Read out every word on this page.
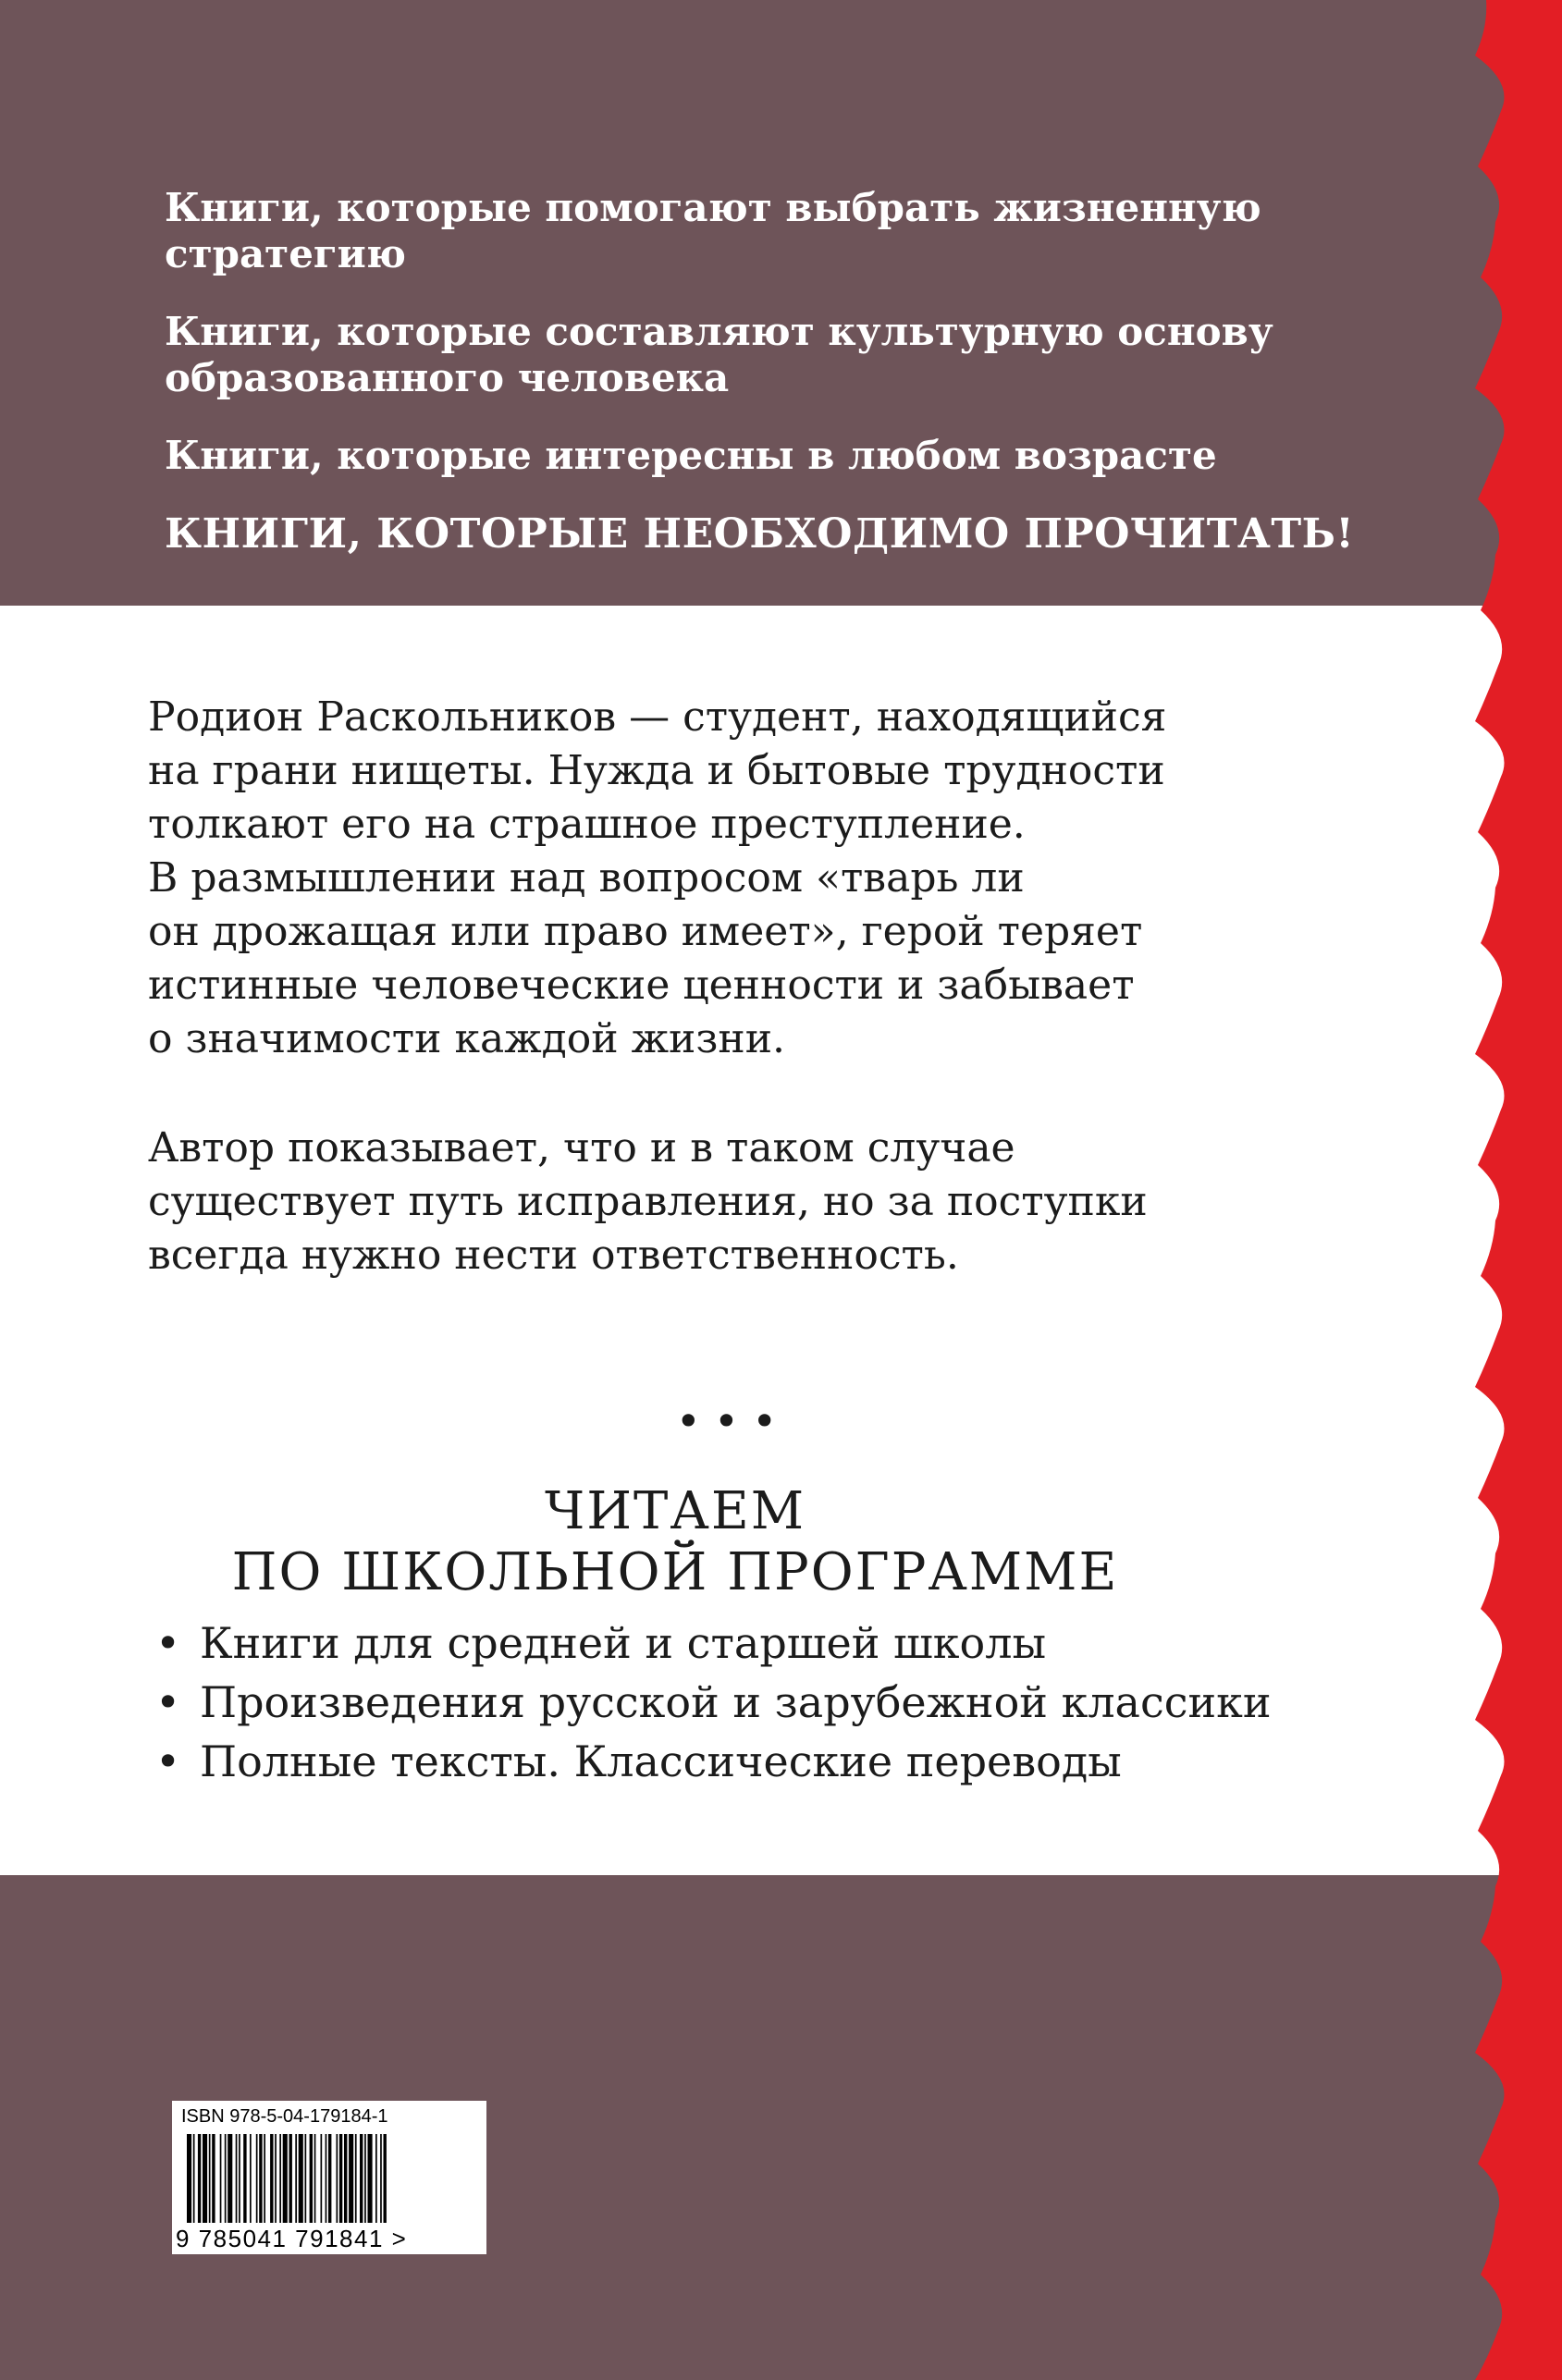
Книги, которые помогают выбрать жизненную
стратегию

Книги, которые составляют культурную основу
образованного человека

Книги, которые интересны в любом возрасте

КНИГИ, КОТОРЫЕ НЕОБХОДИМО ПРОЧИТАТЬ!

Родион Раскольников — студент, находящийся
на грани нищеты. Нужда и бытовые трудности
толкают его на страшное преступление.
В размышлении над вопросом «тварь ли
он дрожащая или право имеет», герой теряет
истинные человеческие ценности и забывает
о значимости каждой жизни.

Автор показывает, что и в таком случае
существует путь исправления, но за поступки
всегда нужно нести ответственность.

•••
ЧИТАЕМ
ПО ШКОЛЬНОЙ ПРОГРАММЕ
• Книги для средней и старшей школы
• Произведения русской и зарубежной классики
• Полные тексты. Классические переводы
ISBN 978-5-04-179184-1
9 785041 791841 >
